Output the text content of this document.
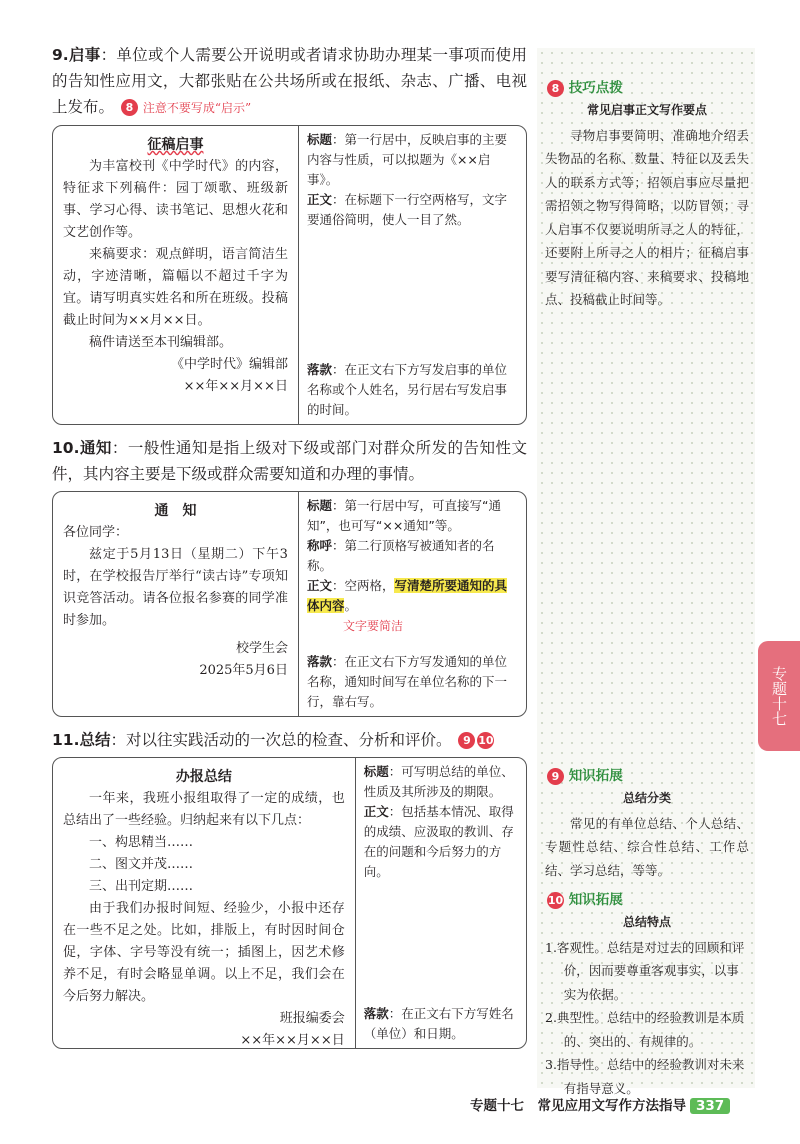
9.启事：单位或个人需要公开说明或者请求协助办理某一事项而使用的告知性应用文，大都张贴在公共场所或在报纸、杂志、广播、电视上发布。 8 注意不要写成“启示”

征稿启事

为丰富校刊《中学时代》的内容，特征求下列稿件：园丁颂歌、班级新事、学习心得、读书笔记、思想火花和文艺创作等。

来稿要求：观点鲜明，语言简洁生动，字迹清晰，篇幅以不超过千字为宜。请写明真实姓名和所在班级。投稿截止时间为××月××日。

稿件请送至本刊编辑部。

《中学时代》编辑部

××年××月××日

标题：第一行居中，反映启事的主要内容与性质，可以拟题为《××启事》。

正文：在标题下一行空两格写，文字要通俗简明，使人一目了然。

落款：在正文右下方写发启事的单位名称或个人姓名，另行居右写发启事的时间。

10.通知：一般性通知是指上级对下级或部门对群众所发的告知性文件，其内容主要是下级或群众需要知道和办理的事情。

通　知

各位同学：

兹定于5月13日（星期二）下午3时，在学校报告厅举行“读古诗”专项知识竞答活动。请各位报名参赛的同学准时参加。

校学生会

2025年5月6日

标题：第一行居中写，可直接写“通知”，也可写“××通知”等。

称呼：第二行顶格写被通知者的名称。

正文：空两格，写清楚所要通知的具体内容。

文字要简洁

落款：在正文右下方写发通知的单位名称，通知时间写在单位名称的下一行，靠右写。

11.总结：对以往实践活动的一次总的检查、分析和评价。 9 10

办报总结

一年来，我班小报组取得了一定的成绩，也总结出了一些经验。归纳起来有以下几点：

一、构思精当……

二、图文并茂……

三、出刊定期……

由于我们办报时间短、经验少，小报中还存在一些不足之处。比如，排版上，有时因时间仓促，字体、字号等没有统一；插图上，因艺术修养不足，有时会略显单调。以上不足，我们会在今后努力解决。

班报编委会

××年××月××日

标题：可写明总结的单位、性质及其所涉及的期限。

正文：包括基本情况、取得的成绩、应汲取的教训、存在的问题和今后努力的方向。

落款：在正文右下方写姓名（单位）和日期。

8 技巧点拨

常见启事正文写作要点

寻物启事要简明、准确地介绍丢失物品的名称、数量、特征以及丢失人的联系方式等；招领启事应尽量把需招领之物写得简略，以防冒领；寻人启事不仅要说明所寻之人的特征，还要附上所寻之人的相片；征稿启事要写清征稿内容、来稿要求、投稿地点、投稿截止时间等。

9 知识拓展

总结分类

常见的有单位总结、个人总结、专题性总结、综合性总结、工作总结、学习总结，等等。

10 知识拓展

总结特点

1.客观性。总结是对过去的回顾和评价，因而要尊重客观事实，以事实为依据。

2.典型性。总结中的经验教训是本质的、突出的、有规律的。

3.指导性。总结中的经验教训对未来有指导意义。

专题十七
专题十七　常见应用文写作方法指导 337
